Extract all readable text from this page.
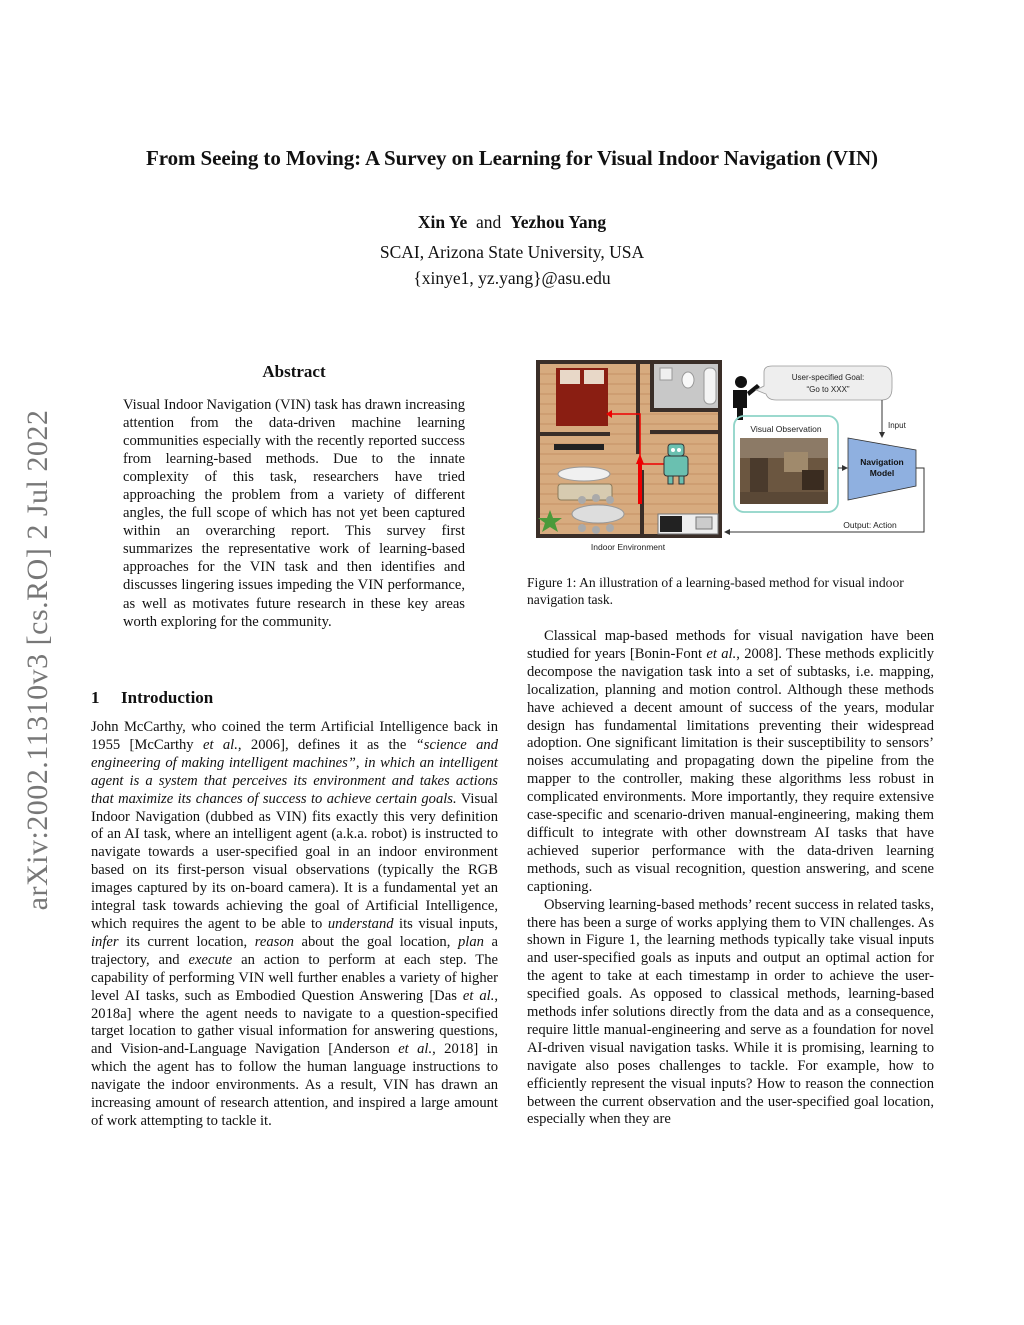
From Seeing to Moving: A Survey on Learning for Visual Indoor Navigation (VIN)
Xin Ye and Yezhou Yang
SCAI, Arizona State University, USA
{xinye1, yz.yang}@asu.edu
arXiv:2002.11310v3 [cs.RO] 2 Jul 2022
Abstract
Visual Indoor Navigation (VIN) task has drawn increasing attention from the data-driven machine learning communities especially with the recently reported success from learning-based methods. Due to the innate complexity of this task, researchers have tried approaching the problem from a variety of different angles, the full scope of which has not yet been captured within an overarching report. This survey first summarizes the representative work of learning-based approaches for the VIN task and then identifies and discusses lingering issues impeding the VIN performance, as well as motivates future research in these key areas worth exploring for the community.
1 Introduction
John McCarthy, who coined the term Artificial Intelligence back in 1955 [McCarthy et al., 2006], defines it as the “science and engineering of making intelligent machines”, in which an intelligent agent is a system that perceives its environment and takes actions that maximize its chances of success to achieve certain goals. Visual Indoor Navigation (dubbed as VIN) fits exactly this very definition of an AI task, where an intelligent agent (a.k.a. robot) is instructed to navigate towards a user-specified goal in an indoor environment based on its first-person visual observations (typically the RGB images captured by its on-board camera). It is a fundamental yet an integral task towards achieving the goal of Artificial Intelligence, which requires the agent to be able to understand its visual inputs, infer its current location, reason about the goal location, plan a trajectory, and execute an action to perform at each step. The capability of performing VIN well further enables a variety of higher level AI tasks, such as Embodied Question Answering [Das et al., 2018a] where the agent needs to navigate to a question-specified target location to gather visual information for answering questions, and Vision-and-Language Navigation [Anderson et al., 2018] in which the agent has to follow the human language instructions to navigate the indoor environments. As a result, VIN has drawn an increasing amount of research attention, and inspired a large amount of work attempting to tackle it.
User-specified Goal:
“Go to XXX”
Visual Observation
Navigation
Model
Input
Output: Action
Indoor Environment
Figure 1: An illustration of a learning-based method for visual indoor navigation task.

Classical map-based methods for visual navigation have been studied for years [Bonin-Font et al., 2008]. These methods explicitly decompose the navigation task into a set of subtasks, i.e. mapping, localization, planning and motion control. Although these methods have achieved a decent amount of success of the years, modular design has fundamental limitations preventing their widespread adoption. One significant limitation is their susceptibility to sensors’ noises accumulating and propagating down the pipeline from the mapper to the controller, making these algorithms less robust in complicated environments. More importantly, they require extensive case-specific and scenario-driven manual-engineering, making them difficult to integrate with other downstream AI tasks that have achieved superior performance with the data-driven learning methods, such as visual recognition, question answering, and scene captioning.

Observing learning-based methods’ recent success in related tasks, there has been a surge of works applying them to VIN challenges. As shown in Figure 1, the learning methods typically take visual inputs and user-specified goals as inputs and output an optimal action for the agent to take at each timestamp in order to achieve the user-specified goals. As opposed to classical methods, learning-based methods infer solutions directly from the data and as a consequence, require little manual-engineering and serve as a foundation for novel AI-driven visual navigation tasks. While it is promising, learning to navigate also poses challenges to tackle. For example, how to efficiently represent the visual inputs? How to reason the connection between the current observation and the user-specified goal location, especially when they are
